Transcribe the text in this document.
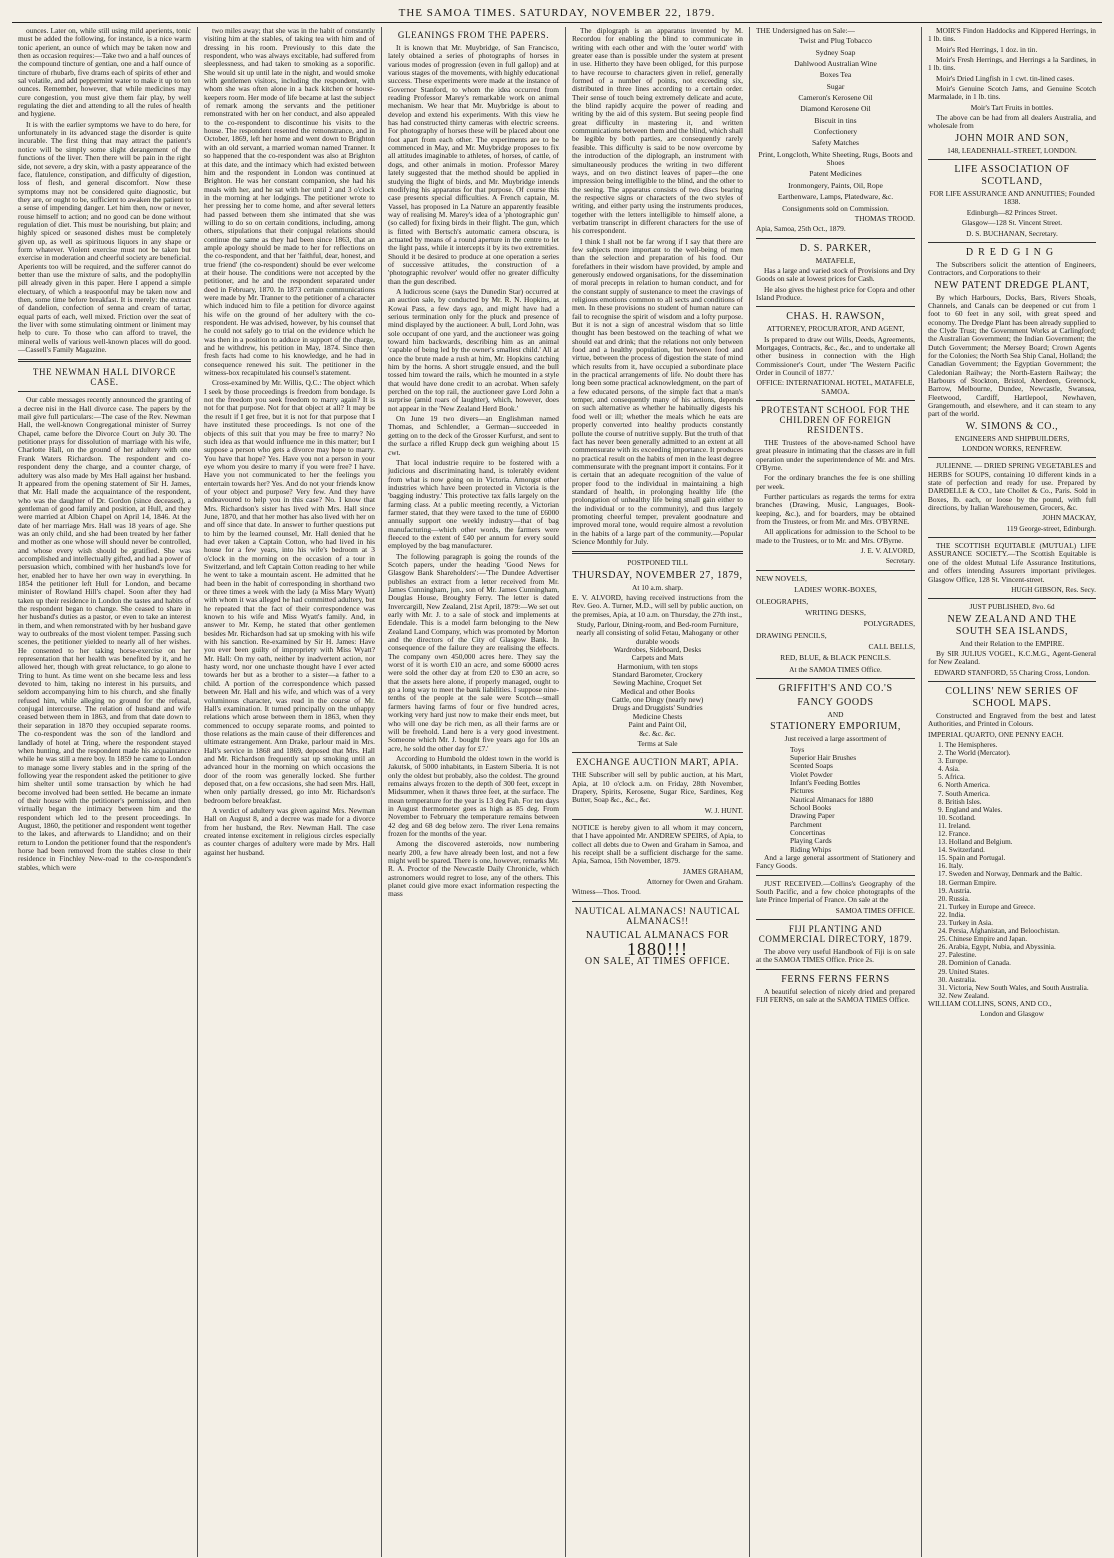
THE SAMOA TIMES. SATURDAY, NOVEMBER 22, 1879.

ounces. Later on, while still using mild aperients, tonic must be added the following, for instance, is a nice warm tonic aperient, an ounce of which may be taken now and then as occasion requires:—Take two and a half ounces of the compound tincture of gentian, one and a half ounce of tincture of rhubarb, five drams each of spirits of ether and sal volatile, and add peppermint water to make it up to ten ounces. Remember, however, that while medicines may cure congestion, you must give them fair play, by well regulating the diet and attending to all the rules of health and hygiene.

It is with the earlier symptoms we have to do here, for unfortunately in its advanced stage the disorder is quite incurable. The first thing that may attract the patient's notice will be simply some slight derangement of the functions of the liver. Then there will be pain in the right side, not severe, a dry skin, with a pasty appearance of the face, flatulence, constipation, and difficulty of digestion, loss of flesh, and general discomfort. Now these symptoms may not be considered quite diagnostic, but they are, or ought to be, sufficient to awaken the patient to a sense of impending danger. Let him then, now or never, rouse himself to action; and no good can be done without regulation of diet. This must be nourishing, but plain; and highly spiced or seasoned dishes must be completely given up, as well as spirituous liquors in any shape or form whatever. Violent exercise must not be taken but exercise in moderation and cheerful society are beneficial. Aperients too will be required, and the sufferer cannot do better than use the mixture of salts, and the podophyllin pill already given in this paper. Here I append a simple electuary, of which a teaspoonful may be taken now and then, some time before breakfast. It is merely: the extract of dandelion, confection of senna and cream of tartar, equal parts of each, well mixed. Friction over the seat of the liver with some stimulating ointment or liniment may help to cure. To those who can afford to travel, the mineral wells of various well-known places will do good.—Cassell's Family Magazine.

THE NEWMAN HALL DIVORCE CASE.

Our cable messages recently announced the granting of a decree nisi in the Hall divorce case. The papers by the mail give full particulars:—The case of the Rev. Newman Hall, the well-known Congregational minister of Surrey Chapel, came before the Divorce Court on July 30. The petitioner prays for dissolution of marriage with his wife, Charlotte Hall, on the ground of her adultery with one Frank Waters Richardson. The respondent and co-respondent deny the charge, and a counter charge, of adultery was also made by Mrs Hall against her husband. It appeared from the opening statement of Sir H. James, that Mr. Hall made the acquaintance of the respondent, who was the daughter of Dr. Gordon (since deceased), a gentleman of good family and position, at Hull, and they were married at Albion Chapel on April 14, 1846. At the date of her marriage Mrs. Hall was 18 years of age. She was an only child, and she had been treated by her father and mother as one whose will should never be controlled, and whose every wish should be gratified. She was accomplished and intellectually gifted, and had a power of persuasion which, combined with her husband's love for her, enabled her to have her own way in everything. In 1854 the petitioner left Hull for London, and became minister of Rowland Hill's chapel. Soon after they had taken up their residence in London the tastes and habits of the respondent began to change. She ceased to share in her husband's duties as a pastor, or even to take an interest in them, and when remonstrated with by her husband gave way to outbreaks of the most violent temper. Passing such scenes, the petitioner yielded to nearly all of her wishes. He consented to her taking horse-exercise on her representation that her health was benefited by it, and he allowed her, though with great reluctance, to go alone to Tring to hunt. As time went on she became less and less devoted to him, taking no interest in his pursuits, and seldom accompanying him to his church, and she finally refused him, while alleging no ground for the refusal, conjugal intercourse. The relation of husband and wife ceased between them in 1863, and from that date down to their separation in 1870 they occupied separate rooms. The co-respondent was the son of the landlord and landlady of hotel at Tring, where the respondent stayed when hunting, and the respondent made his acquaintance while he was still a mere boy. In 1859 he came to London to manage some livery stables and in the spring of the following year the respondent asked the petitioner to give him shelter until some transaction by which he had become involved had been settled. He became an inmate of their house with the petitioner's permission, and then virtually began the intimacy between him and the respondent which led to the present proceedings. In August, 1860, the petitioner and respondent went together to the lakes, and afterwards to Llandidno; and on their return to London the petitioner found that the respondent's horse had been removed from the stables close to their residence in Finchley New-road to the co-respondent's stables, which were

two miles away; that she was in the habit of constantly visiting him at the stables, of taking tea with him and of dressing in his room. Previously to this date the respondent, who was always excitable, had suffered from sleeplessness, and had taken to smoking as a soporific. She would sit up until late in the night, and would smoke with gentlemen visitors, including the respondent, with whom she was often alone in a back kitchen or house-keepers room. Her mode of life became at last the subject of remark among the servants and the petitioner remonstrated with her on her conduct, and also appealed to the co-respondent to discontinue his visits to the house. The respondent resented the remonstrance, and in October, 1869, left her home and went down to Brighton with an old servant, a married woman named Tranner. It so happened that the co-respondent was also at Brighton at this date, and the intimacy which had existed between him and the respondent in London was continued at Brighton. He was her constant companion, she had his meals with her, and he sat with her until 2 and 3 o'clock in the morning at her lodgings. The petitioner wrote to her pressing her to come home, and after several letters had passed between them she intimated that she was willing to do so on certain conditions, including, among others, stipulations that their conjugal relations should continue the same as they had been since 1863, that an ample apology should be made to her for reflections on the co-respondent, and that her 'faithful, dear, honest, and true friend' (the co-respondent) should be ever welcome at their house. The conditions were not accepted by the petitioner, and he and the respondent separated under deed in February, 1870. In 1873 certain communications were made by Mr. Tranner to the petitioner of a character which induced him to file a petition for divorce against his wife on the ground of her adultery with the co-respondent. He was advised, however, by his counsel that he could not safely go to trial on the evidence which he was then in a position to adduce in support of the charge, and he withdrew, his petition in May, 1874. Since then fresh facts had come to his knowledge, and he had in consequence renewed his suit. The petitioner in the witness-box recapitulated his counsel's statement.

Cross-examined by Mr. Willis, Q.C.: The object which I seek by those proceedings is freedom from bondage. Is not the freedom you seek freedom to marry again? It is not for that purpose. Not for that object at all? It may be the result if I get free, but it is not for that purpose that I have instituted these proceedings. Is not one of the objects of this suit that you may be free to marry? No such idea as that would influence me in this matter; but I suppose a person who gets a divorce may hope to marry. You have that hope? Yes. Have you not a person in your eye whom you desire to marry if you were free? I have. Have you not communicated to her the feelings you entertain towards her? Yes. And do not your friends know of your object and purpose? Very few. And they have endeavoured to help you in this case? No. I know that Mrs. Richardson's sister has lived with Mrs. Hall since June, 1870, and that her mother has also lived with her on and off since that date. In answer to further questions put to him by the learned counsel, Mr. Hall denied that he had ever taken a Captain Cotton, who had lived in his house for a few years, into his wife's bedroom at 3 o'clock in the morning on the occasion of a tour in Switzerland, and left Captain Cotton reading to her while he went to take a mountain ascent. He admitted that he had been in the habit of corresponding in shorthand two or three times a week with the lady (a Miss Mary Wyatt) with whom it was alleged he had committed adultery, but he repeated that the fact of their correspondence was known to his wife and Miss Wyatt's family. And, in answer to Mr. Kemp, he stated that other gentlemen besides Mr. Richardson had sat up smoking with his wife with his sanction. Re-examined by Sir H. James: Have you ever been guilty of impropriety with Miss Wyatt? Mr. Hall: On my oath, neither by inadvertent action, nor hasty word, nor one unchaste thought have I ever acted towards her but as a brother to a sister—a father to a child. A portion of the correspondence which passed between Mr. Hall and his wife, and which was of a very voluminous character, was read in the course of Mr. Hall's examination. It turned principally on the unhappy relations which arose between them in 1863, when they commenced to occupy separate rooms, and pointed to those relations as the main cause of their differences and ultimate estrangement. Ann Drake, parlour maid in Mrs. Hall's service in 1868 and 1869, deposed that Mrs. Hall and Mr. Richardson frequently sat up smoking until an advanced hour in the morning on which occasions the door of the room was generally locked. She further deposed that, on a few occasions, she had seen Mrs. Hall, when only partially dressed, go into Mr. Richardson's bedroom before breakfast.

A verdict of adultery was given against Mrs. Newman Hall on August 8, and a decree was made for a divorce from her husband, the Rev. Newman Hall. The case created intense excitement in religious circles especially as counter charges of adultery were made by Mrs. Hall against her husband.

GLEANINGS FROM THE PAPERS.

It is known that Mr. Muybridge, of San Francisco, lately obtained a series of photographs of horses in various modes of progression (even in full gallop) and at various stages of the movements, with highly educational success. These experiments were made at the instance of Governor Stanford, to whom the idea occurred from reading Professor Marey's remarkable work on animal mechanism. We hear that Mr. Muybridge is about to develop and extend his experiments. With this view he has had constructed thirty cameras with electric screens. For photography of horses these will be placed about one foot apart from each other. The experiments are to be commenced in May, and Mr. Muybridge proposes to fix all attitudes imaginable to athletes, of horses, of cattle, of dogs, and other animals in motion. Professor Marey lately suggested that the method should be applied in studying the flight of birds, and Mr. Muybridge intends modifying his apparatus for that purpose. Of course this case presents special difficulties. A French captain, M. Vassel, has proposed in La Nature an apparently feasible way of realising M. Marey's idea of a 'photographic gun' (so called) for fixing birds in their flight. The gun, which is fitted with Bertsch's automatic camera obscura, is actuated by means of a round aperture in the centre to let the light pass, while it intercepts it by its two extremities. Should it be desired to produce at one operation a series of successive attitudes, the construction of a 'photographic revolver' would offer no greater difficulty than the gun described.

A ludicrous scene (says the Dunedin Star) occurred at an auction sale, by conducted by Mr. R. N. Hopkins, at Kowai Pass, a few days ago, and might have had a serious termination only for the pluck and presence of mind displayed by the auctioneer. A bull, Lord John, was sole occupant of one yard, and the auctioneer was going toward him backwards, describing him as an animal 'capable of being led by the owner's smallest child.' All at once the brute made a rush at him, Mr. Hopkins catching him by the horns. A short struggle ensued, and the bull tossed him toward the rails, which he mounted in a style that would have done credit to an acrobat. When safely perched on the top rail, the auctioneer gave Lord John a surprise (amid roars of laughter), which, however, does not appear in the 'New Zealand Herd Book.'

On June 19 two divers—an Englishman named Thomas, and Schlendler, a German—succeeded in getting on to the deck of the Grosser Kurfurst, and sent to the surface a rifled Krupp deck gun weighing about 15 cwt.

That local industrie require to be fostered with a judicious and discriminating hand, is tolerably evident from what is now going on in Victoria. Amongst other industries which have been protected in Victoria is the 'bagging industry.' This protective tax falls largely on the farming class. At a public meeting recently, a Victorian farmer stated, that they were taxed to the tune of £6000 annually support one weekly industry—that of bag manufacturing—which other words, the farmers were fleeced to the extent of £40 per annum for every sould employed by the bag manufacturer.

The following paragraph is going the rounds of the Scotch papers, under the heading 'Good News for Glasgow Bank Shareholders':—'The Dundee Advertiser publishes an extract from a letter received from Mr. James Cunningham, jun., son of Mr. James Cunningham, Douglas House, Broughty Ferry. The letter is dated Invercargill, New Zealand, 21st April, 1879:—We set out early with Mr. J. to a sale of stock and implements at Edendale. This is a model farm belonging to the New Zealand Land Company, which was promoted by Morton and the directors of the City of Glasgow Bank. In consequence of the failure they are realising the effects. The company own 450,000 acres here. They say the worst of it is worth £10 an acre, and some 60000 acres were sold the other day at from £20 to £30 an acre, so that the assets here alone, if properly managed, ought to go a long way to meet the bank liabilities. I suppose nine-tenths of the people at the sale were Scotch—small farmers having farms of four or five hundred acres, working very hard just now to make their ends meet, but who will one day be rich men, as all their farms are or will be freehold. Land here is a very good investment. Someone which Mr. J. bought five years ago for 10s an acre, he sold the other day for £7.'

According to Humbold the oldest town in the world is Jakutsk, of 5000 inhabitants, in Eastern Siberia. It is not only the oldest but probably, also the coldest. The ground remains always frozen to the depth of 300 feet, except in Midsummer, when it thaws three feet, at the surface. The mean temperature for the year is 13 deg Fah. For ten days in August thermometer goes as high as 85 deg. From November to February the temperature remains between 42 deg and 68 deg below zero. The river Lena remains frozen for the months of the year.

Among the discovered asteroids, now numbering nearly 200, a few have already been lost, and not a few might well be spared. There is one, however, remarks Mr. R. A. Proctor of the Newcastle Daily Chronicle, which astronomers would regret to lose, any of the others. This planet could give more exact information respecting the mass

The diplograph is an apparatus invented by M. Recordou for enabling the blind to communicate in writing with each other and with the 'outer world' with greater ease than is possible under the system at present in use. Hitherto they have been obliged, for this purpose to have recourse to characters given in relief, generally formed of a number of points, not exceeding six, distributed in three lines according to a certain order. Their sense of touch being extremely delicate and acute, the blind rapidly acquire the power of reading and writing by the aid of this system. But seeing people find great difficulty in mastering it, and written communications between them and the blind, which shall be legible by both parties, are consequently rarely feasible. This difficulty is said to be now overcome by the introduction of the diplograph, an instrument with simultaneously produces the writing in two different ways, and on two distinct leaves of paper—the one impression being intelligible to the blind, and the other to the seeing. The apparatus consists of two discs bearing the respective signs or characters of the two styles of writing, and either party using the instruments produces, together with the letters intelligible to himself alone, a verbatim transcript in different characters for the use of his correspondent.

I think I shall not be far wrong if I say that there are few subjects more important to the well-being of men than the selection and preparation of his food. Our forefathers in their wisdom have provided, by ample and generously endowed organisations, for the dissemination of moral precepts in relation to human conduct, and for the constant supply of sustenance to meet the cravings of religious emotions common to all sects and conditions of men. In these provisions no student of human nature can fail to recognise the spirit of wisdom and a lofty purpose. But it is not a sign of ancestral wisdom that so little thought has been bestowed on the teaching of what we should eat and drink; that the relations not only between food and a healthy population, but between food and virtue, between the process of digestion the state of mind which results from it, have occupied a subordinate place in the practical arrangements of life. No doubt there has long been some practical acknowledgment, on the part of a few educated persons, of the simple fact that a man's temper, and consequently many of his actions, depends on such alternative as whether he habitually digests his food well or ill; whether the meals which he eats are properly converted into healthy products constantly pollute the course of nutritive supply. But the truth of that fact has never been generally admitted to an extent at all commensurate with its exceeding importance. It produces no practical result on the habits of men in the least degree commensurate with the pregnant import it contains. For it is certain that an adequate recognition of the value of proper food to the individual in maintaining a high standard of health, in prolonging healthy life (the prolongation of unhealthy life being small gain either to the individual or to the community), and thus largely promoting cheerful temper, prevalent goodnature and improved moral tone, would require almost a revolution in the habits of a large part of the community.—Popular Science Monthly for July.

POSTPONED TILL

THURSDAY, NOVEMBER 27, 1879,

At 10 a.m. sharp.

E. V. ALVORD, having received instructions from the Rev. Geo. A. Turner, M.D., will sell by public auction, on the premises, Apia, at 10 a.m. on Thursday, the 27th inst.,

Study, Parlour, Dining-room, and Bed-room Furniture, nearly all consisting of solid Fetau, Mahogany or other durable woods
Wardrobes, Sideboard, Desks
Carpets and Mats
Harmonium, with ten stops
Standard Barometer, Crockery
Sewing Machine, Croquet Set
Medical and other Books
Cattle, one Dingy (nearly new)
Drugs and Druggists' Sundries
Medicine Chests
Paint and Paint Oil,
&c. &c. &c.

Terms at Sale

EXCHANGE AUCTION MART, APIA.

THE Subscriber will sell by public auction, at his Mart, Apia, at 10 o'clock a.m. on Friday, 28th November, Drapery, Spirits, Kerosene, Sugar Rice, Sardines, Keg Butter, Soap &c., &c., &c.

W. J. HUNT.

NOTICE is hereby given to all whom it may concern, that I have appointed Mr. ANDREW SPEIRS, of Apia, to collect all debts due to Owen and Graham in Samoa, and his receipt shall be a sufficient discharge for the same. Apia, Samoa, 15th November, 1879.

JAMES GRAHAM,

Attorney for Owen and Graham.

Witness—Thos. Trood.

NAUTICAL ALMANACS! NAUTICAL ALMANACS!!

NAUTICAL ALMANACS FOR

1880!!!

ON SALE, AT TIMES OFFICE.

THE Undersigned has on Sale:—

Twist and Plug Tobacco
Sydney Soap
Dahlwood Australian Wine
Boxes Tea
Sugar
Cameron's Kerosene Oil
Diamond Kerosene Oil
Biscuit in tins
Confectionery
Safety Matches
Print, Longcloth, White Sheeting, Rugs, Boots and Shoes
Patent Medicines
Ironmongery, Paints, Oil, Rope
Earthenware, Lamps, Platedware, &c.

Consignments sold on Commission.

THOMAS TROOD.

Apia, Samoa, 25th Oct., 1879.

D. S. PARKER,

MATAFELE,

Has a large and varied stock of Provisions and Dry Goods on sale at lowest prices for Cash.

He also gives the highest price for Copra and other Island Produce.

CHAS. H. RAWSON,

ATTORNEY, PROCURATOR, AND AGENT,

Is prepared to draw out Wills, Deeds, Agreements, Mortgages, Contracts, &c., &c., and to undertake all other business in connection with the High Commissioner's Court, under 'The Western Pacific Order in Council of 1877.'

OFFICE: INTERNATIONAL HOTEL, MATAFELE, SAMOA.

PROTESTANT SCHOOL FOR THE CHILDREN OF FOREIGN RESIDENTS.

THE Trustees of the above-named School have great pleasure in intimating that the classes are in full operation under the superintendence of Mr. and Mrs. O'Byrne.

For the ordinary branches the fee is one shilling per week.

Further particulars as regards the terms for extra branches (Drawing, Music, Languages, Book-keeping, &c.), and for boarders, may be obtained from the Trustees, or from Mr. and Mrs. O'BYRNE.

All applications for admission to the School to be made to the Trustees, or to Mr. and Mrs. O'Byrne.

J. E. V. ALVORD,

Secretary.

NEW NOVELS,
LADIES' WORK-BOXES,
OLEOGRAPHS,
WRITING DESKS,
POLYGRADES,
DRAWING PENCILS,
CALL BELLS,
RED, BLUE, & BLACK PENCILS.

At the SAMOA TIMES Office.

GRIFFITH'S AND CO.'S

FANCY GOODS

AND

STATIONERY EMPORIUM,

Just received a large assortment of

Toys
Superior Hair Brushes
Scented Soaps
Violet Powder
Infant's Feeding Bottles
Pictures
Nautical Almanacs for 1880
School Books
Drawing Paper
Parchment
Concertinas
Playing Cards
Riding Whips

And a large general assortment of Stationery and Fancy Goods.

JUST RECEIVED.—Collins's Geography of the South Pacific, and a few choice photographs of the late Prince Imperial of France. On sale at the

SAMOA TIMES OFFICE.

FIJI PLANTING AND COMMERCIAL DIRECTORY, 1879.

The above very useful Handbook of Fiji is on sale at the SAMOA TIMES Office. Price 2s.

FERNS FERNS FERNS

A beautiful selection of nicely dried and prepared FIJI FERNS, on sale at the SAMOA TIMES Office.

MOIR'S Findon Haddocks and Kippered Herrings, in 1 lb. tins.

Moir's Red Herrings, 1 doz. in tin.

Moir's Fresh Herrings, and Herrings a la Sardines, in 1 lb. tins.

Moir's Dried Lingfish in 1 cwt. tin-lined cases.

Moir's Genuine Scotch Jams, and Genuine Scotch Marmalade, in 1 lb. tins.

Moir's Tart Fruits in bottles.

The above can be had from all dealers Australia, and wholesale from

JOHN MOIR AND SON,

148, LEADENHALL-STREET, LONDON.

LIFE ASSOCIATION OF SCOTLAND,

FOR LIFE ASSURANCE AND ANNUITIES; Founded 1838.

Edinburgh—82 Princes Street.

Glasgow—128 St. Vincent Street.

D. S. BUCHANAN, Secretary.

DREDGING

The Subscribers solicit the attention of Engineers, Contractors, and Corporations to their

NEW PATENT DREDGE PLANT,

By which Harbours, Docks, Bars, Rivers Shoals, Channels, and Canals can be deepened or cut from 1 foot to 60 feet in any soil, with great speed and economy. The Dredge Plant has been already supplied to the Clyde Trust; the Government Works at Carlingford; the Australian Government; the Indian Government; the Dutch Government; the Mersey Board; Crown Agents for the Colonies; the North Sea Ship Canal, Holland; the Canadian Government; the Egyptian Government; the Caledonian Railway; the North-Eastern Railway; the Harbours of Stockton, Bristol, Aberdeen, Greenock, Barrow, Melbourne, Dundee, Newcastle, Swansea, Fleetwood, Cardiff, Hartlepool, Newhaven, Grangemouth, and elsewhere, and it can steam to any part of the world.

W. SIMONS & CO.,

ENGINEERS AND SHIPBUILDERS,

LONDON WORKS, RENFREW.

JULIENNE. — DRIED SPRING VEGETABLES and HERBS for SOUPS, containing 10 different kinds in a state of perfection and ready for use. Prepared by DARDELLE & CO., late Chollet & Co., Paris. Sold in Boxes, lb. each, or loose by the pound, with full directions, by Italian Warehousemen, Grocers, &c.

JOHN MACKAY,

119 George-street, Edinburgh.

THE SCOTTISH EQUITABLE (MUTUAL) LIFE ASSURANCE SOCIETY.—The Scottish Equitable is one of the oldest Mutual Life Assurance Institutions, and offers intending Assurers important privileges. Glasgow Office, 128 St. Vincent-street.

HUGH GIBSON, Res. Secy.

JUST PUBLISHED, 8vo. 6d

NEW ZEALAND AND THE SOUTH SEA ISLANDS,

And their Relation to the EMPIRE.

By SIR JULIUS VOGEL, K.C.M.G., Agent-General for New Zealand.

EDWARD STANFORD, 55 Charing Cross, London.

COLLINS' NEW SERIES OF SCHOOL MAPS.

Constructed and Engraved from the best and latest Authorities, and Printed in Colours.

IMPERIAL QUARTO, ONE PENNY EACH.

1. The Hemispheres.
2. The World (Mercator).
3. Europe.
4. Asia.
5. Africa.
6. North America.
7. South America.
8. British Isles.
9. England and Wales.
10. Scotland.
11. Ireland.
12. France.
13. Holland and Belgium.
14. Switzerland.
15. Spain and Portugal.
16. Italy.
17. Sweden and Norway, Denmark and the Baltic.
18. German Empire.
19. Austria.
20. Russia.
21. Turkey in Europe and Greece.
22. India.
23. Turkey in Asia.
24. Persia, Afghanistan, and Beloochistan.
25. Chinese Empire and Japan.
26. Arabia, Egypt, Nubia, and Abyssinia.
27. Palestine.
28. Dominion of Canada.
29. United States.
30. Australia.
31. Victoria, New South Wales, and South Australia.
32. New Zealand.

WILLIAM COLLINS, SONS, AND CO.,

London and Glasgow
